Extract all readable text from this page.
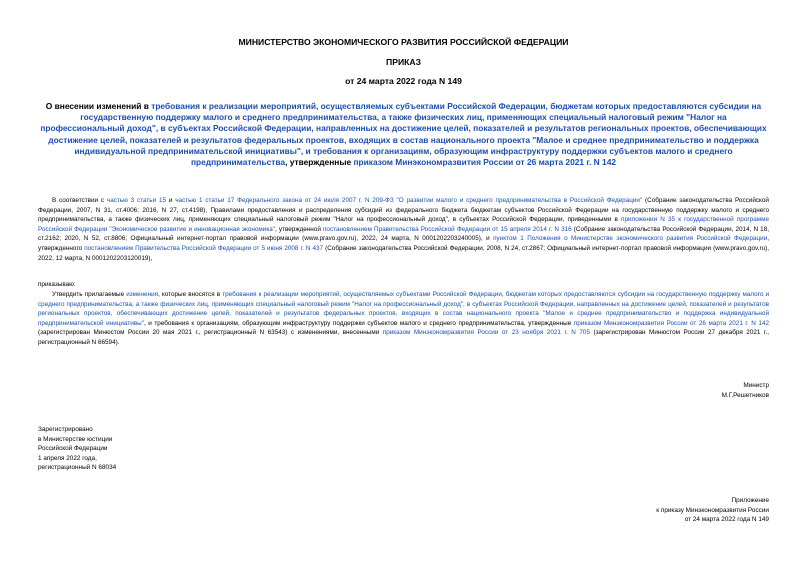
МИНИСТЕРСТВО ЭКОНОМИЧЕСКОГО РАЗВИТИЯ РОССИЙСКОЙ ФЕДЕРАЦИИ
ПРИКАЗ
от 24 марта 2022 года N 149
О внесении изменений в требования к реализации мероприятий, осуществляемых субъектами Российской Федерации, бюджетам которых предоставляются субсидии на государственную поддержку малого и среднего предпринимательства, а также физических лиц, применяющих специальный налоговый режим "Налог на профессиональный доход", в субъектах Российской Федерации, направленных на достижение целей, показателей и результатов региональных проектов, обеспечивающих достижение целей, показателей и результатов федеральных проектов, входящих в состав национального проекта "Малое и среднее предпринимательство и поддержка индивидуальной предпринимательской инициативы", и требования к организациям, образующим инфраструктуру поддержки субъектов малого и среднего предпринимательства, утвержденные приказом Минэкономразвития России от 26 марта 2021 г. N 142
В соответствии с частью 3 статьи 15 и частью 1 статьи 17 Федерального закона от 24 июля 2007 г. N 209-ФЗ "О развитии малого и среднего предпринимательства в Российской Федерации" (Собрание законодательства Российской Федерации, 2007, N 31, ст.4006; 2016, N 27, ст.4198), Правилами предоставления и распределения субсидий из федерального бюджета бюджетам субъектов Российской Федерации на государственную поддержку малого и среднего предпринимательства, а также физических лиц, применяющих специальный налоговый режим "Налог на профессиональный доход", в субъектах Российской Федерации, приведенными в приложении N 35 к государственной программе Российской Федерации "Экономическое развитие и инновационная экономика", утвержденной постановлением Правительства Российской Федерации от 15 апреля 2014 г. N 316 (Собрание законодательства Российской Федерации, 2014, N 18, ст.2162; 2020, N 52, ст.8806; Официальный интернет-портал правовой информации (www.pravo.gov.ru), 2022, 24 марта, N 0001202203240005), и пунктом 1 Положения о Министерстве экономического развития Российской Федерации, утвержденного постановлением Правительства Российской Федерации от 5 июня 2008 г. N 437 (Собрание законодательства Российской Федерации, 2008, N 24, ст.2867; Официальный интернет-портал правовой информации (www.pravo.gov.ru), 2022, 12 марта, N 0001202203120019),
приказываю:
Утвердить прилагаемые изменения, которые вносятся в требования к реализации мероприятий, осуществляемых субъектами Российской Федерации, бюджетам которых предоставляются субсидии на государственную поддержку малого и среднего предпринимательства, а также физических лиц, применяющих специальный налоговый режим "Налог на профессиональный доход", в субъектах Российской Федерации, направленных на достижение целей, показателей и результатов региональных проектов, обеспечивающих достижение целей, показателей и результатов федеральных проектов, входящих в состав национального проекта "Малое и среднее предпринимательство и поддержка индивидуальной предпринимательской инициативы", и требования к организациям, образующим инфраструктуру поддержки субъектов малого и среднего предпринимательства, утвержденные приказом Минэкономразвития России от 26 марта 2021 г. N 142 (зарегистрирован Минюстом России 20 мая 2021 г., регистрационный N 63543) с изменениями, внесенными приказом Минэкономразвития России от 23 ноября 2021 г. N 705 (зарегистрирован Минюстом России 27 декабря 2021 г., регистрационный N 66594).
Министр
М.Г.Решетников
Зарегистрировано
в Министерстве юстиции
Российской Федерации
1 апреля 2022 года,
регистрационный N 68034
Приложение
к приказу Минэкономразвития России
от 24 марта 2022 года N 149
